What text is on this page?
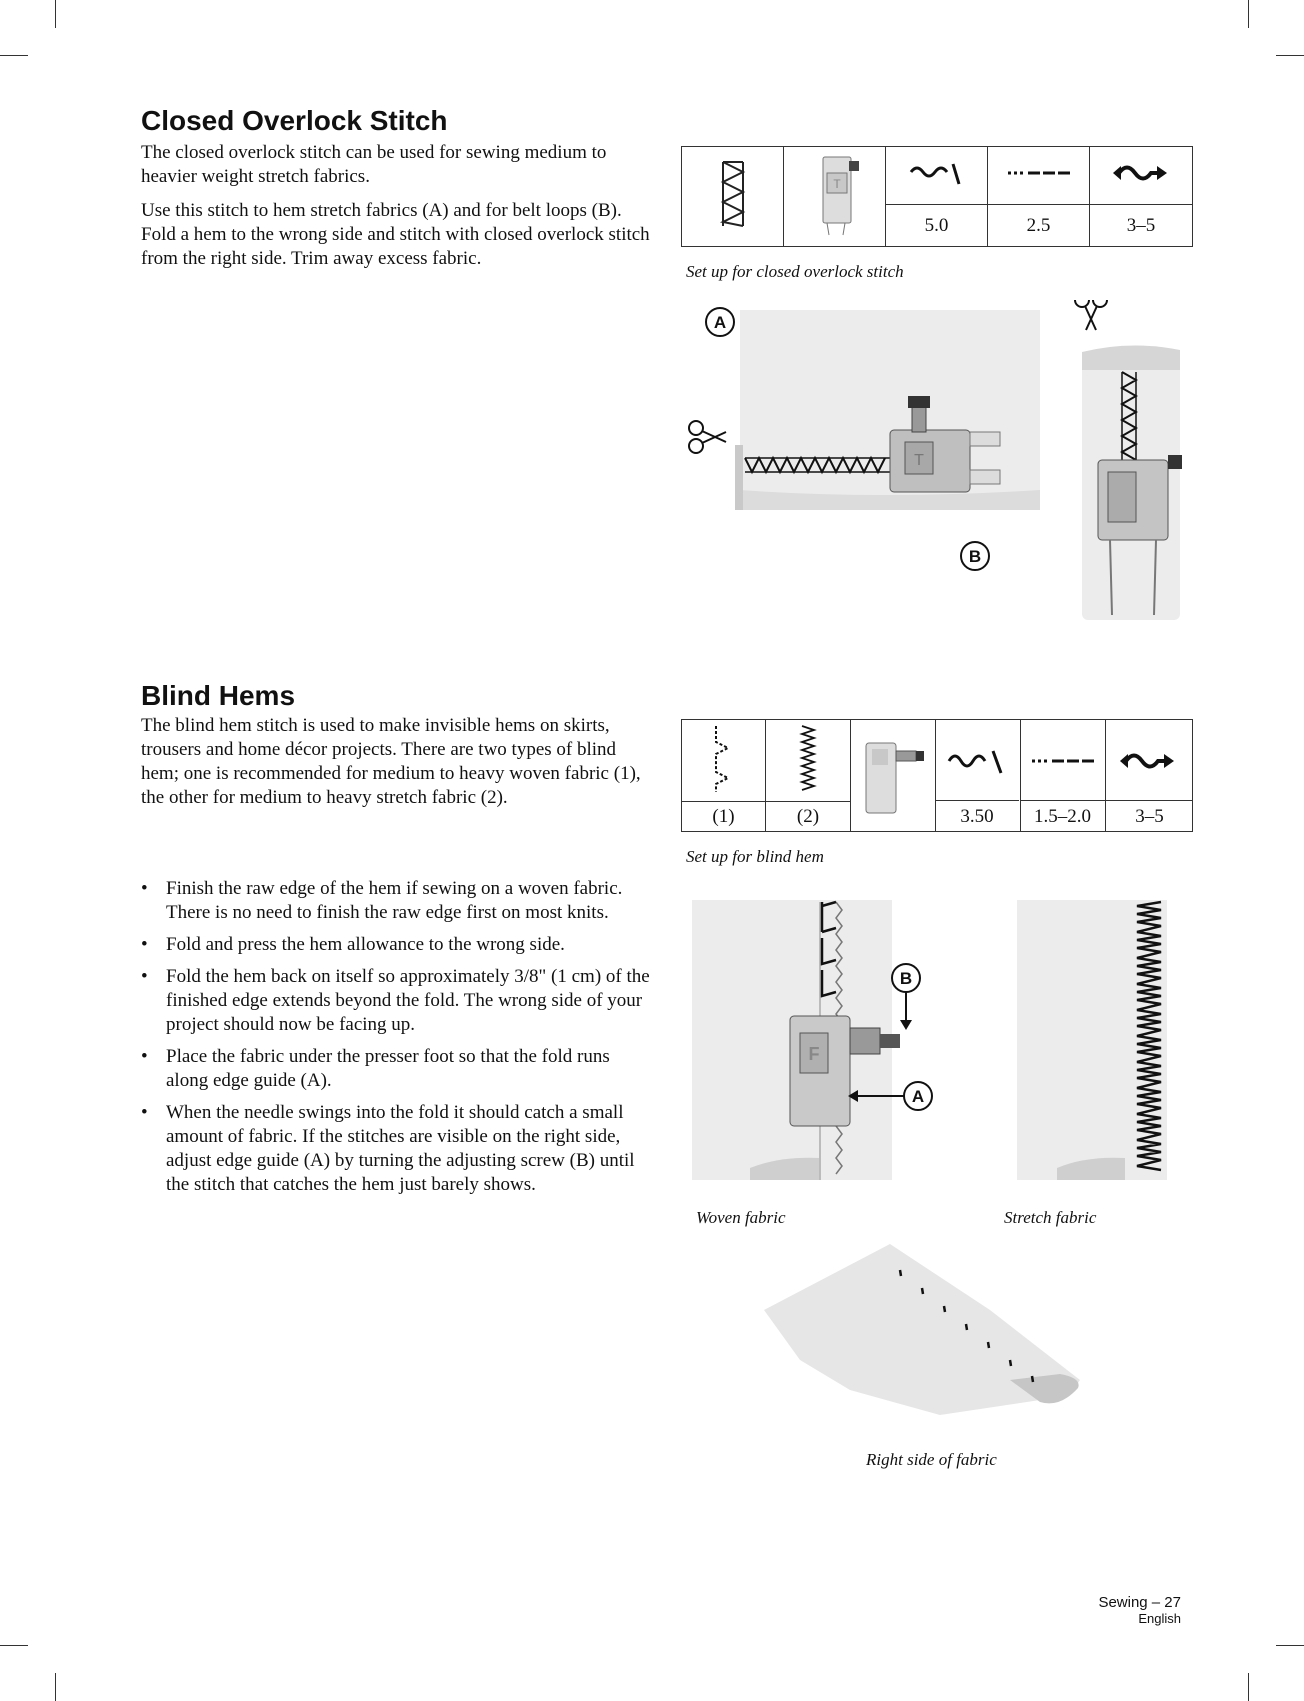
Closed Overlock Stitch

The closed overlock stitch can be used for sewing medium to heavier weight stretch fabrics.

Use this stitch to hem stretch fabrics (A) and for belt loops (B). Fold a hem to the wrong side and stitch with closed overlock stitch from the right side. Trim away excess fabric.

T

		5.0	2.5	3–5

Set up for closed overlock stitch

T
A
B
Blind Hems

The blind hem stitch is used to make invisible hems on skirts, trousers and home décor projects. There are two types of blind hem; one is recommended for medium to heavy woven fabric (1), the other for medium to heavy stretch fabric (2).

(1)	(2)					3.50	1.5–2.0	3–5

Set up for blind hem

• Finish the raw edge of the hem if sewing on a woven fabric. There is no need to finish the raw edge first on most knits.
• Fold and press the hem allowance to the wrong side.
• Fold the hem back on itself so approximately 3/8" (1 cm) of the finished edge extends beyond the fold. The wrong side of your project should now be facing up.
• Place the fabric under the presser foot so that the fold runs along edge guide (A).
• When the needle swings into the fold it should catch a small amount of fabric. If the stitches are visible on the right side, adjust edge guide (A) by turning the adjusting screw (B) until the stitch that catches the hem just barely shows.
F
B
A

Woven fabric	Stretch fabric

Right side of fabric

Sewing – 27
English
